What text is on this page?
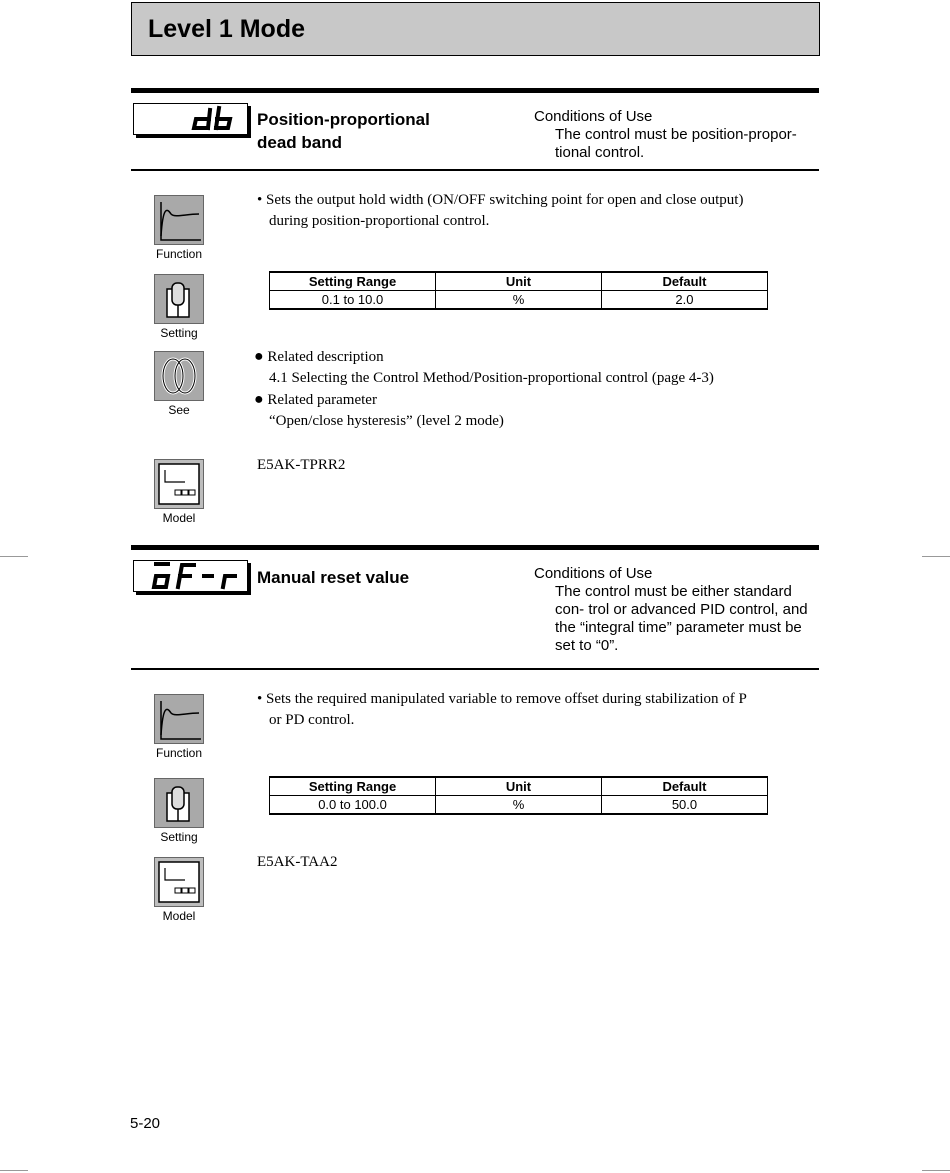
Level 1 Mode
Position-proportional
dead band
Conditions of Use
The control must be position-propor- tional control.
Function
• Sets the output hold width (ON/OFF switching point for open and close output)
during position-proportional control.
Setting
Setting Range	Unit	Default
0.1 to 10.0	%	2.0
See
● Related description
4.1 Selecting the Control Method/Position-proportional control (page 4-3)
● Related parameter
“Open/close hysteresis” (level 2 mode)
Model
E5AK-TPRR2
Manual reset value	Conditions of Use
The control must be either standard con- trol or advanced PID control, and the “integral time” parameter must be set to “0”.
Function
• Sets the required manipulated variable to remove offset during stabilization of P
or PD control.
Setting
Setting Range	Unit	Default
0.0 to 100.0	%	50.0
Model
E5AK-TAA2
5-20
